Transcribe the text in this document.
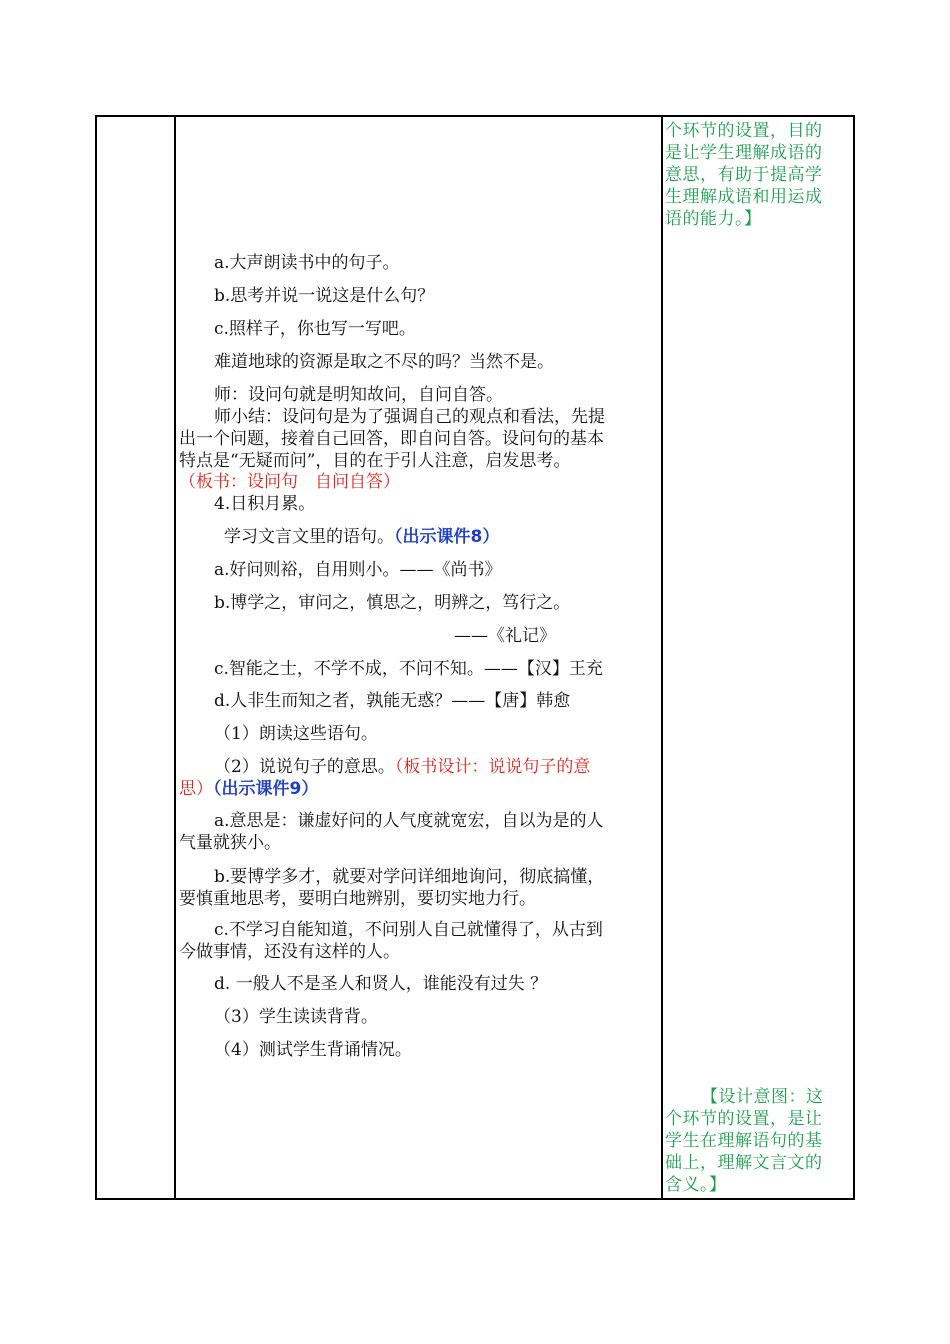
a.大声朗读书中的句子。
b.思考并说一说这是什么句？
c.照样子，你也写一写吧。
难道地球的资源是取之不尽的吗？当然不是。
师：设问句就是明知故问，自问自答。
师小结：设问句是为了强调自己的观点和看法，先提
出一个问题，接着自己回答，即自问自答。设问句的基本
特点是“无疑而问”，目的在于引人注意，启发思考。
（板书：设问句　自问自答）
4.日积月累。
学习文言文里的语句。（出示课件8）
a.好问则裕，自用则小。——《尚书》
b.博学之，审问之，慎思之，明辨之，笃行之。
——《礼记》
c.智能之士，不学不成，不问不知。——【汉】王充
d.人非生而知之者，孰能无惑？——【唐】韩愈
（1）朗读这些语句。
（2）说说句子的意思。（板书设计：说说句子的意
思）（出示课件9）
a.意思是：谦虚好问的人气度就宽宏，自以为是的人
气量就狭小。
b.要博学多才，就要对学问详细地询问，彻底搞懂，
要慎重地思考，要明白地辨别，要切实地力行。
c.不学习自能知道，不问别人自己就懂得了，从古到
今做事情，还没有这样的人。
d. 一般人不是圣人和贤人，谁能没有过失 ？
（3）学生读读背背。
（4）测试学生背诵情况。
个环节的设置，目的
是让学生理解成语的
意思，有助于提高学
生理解成语和用运成
语的能力。】
【设计意图：这
个环节的设置，是让
学生在理解语句的基
础上，理解文言文的
含义。】
